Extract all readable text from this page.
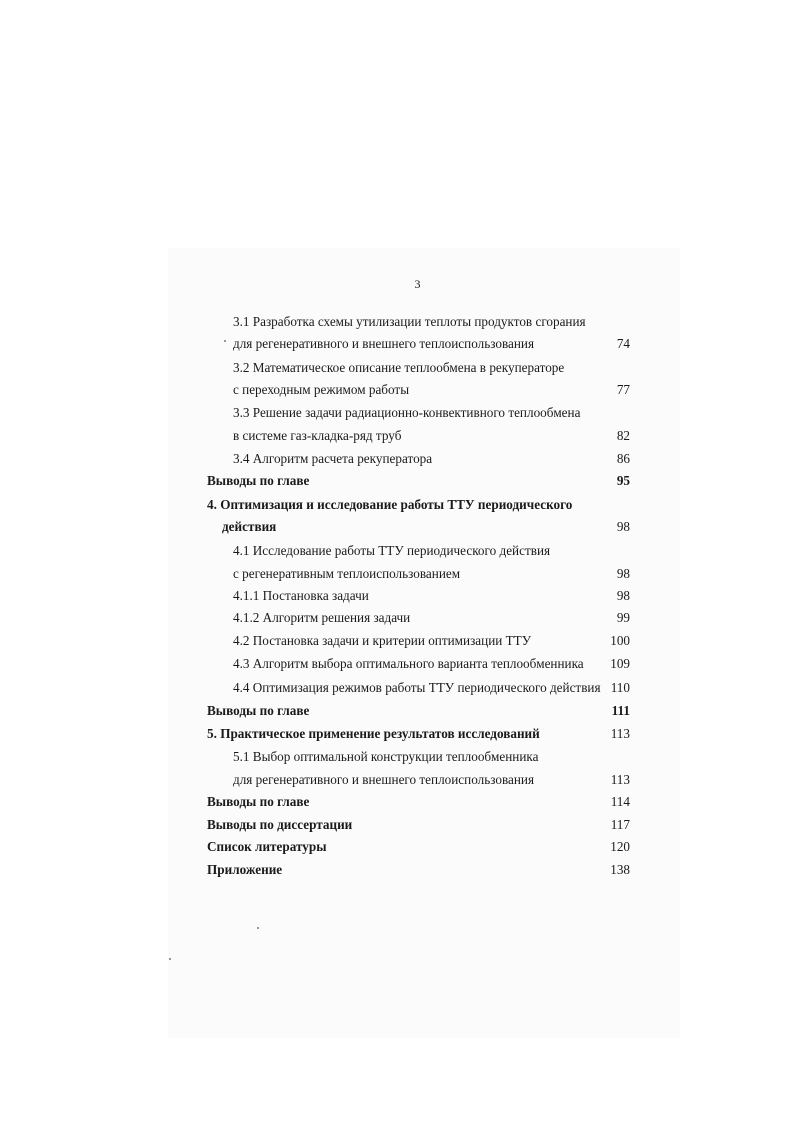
3
3.1 Разработка схемы утилизации теплоты продуктов сгорания
для регенеративного и внешнего теплоиспользования	74
3.2 Математическое описание теплообмена в рекуператоре
с переходным режимом работы	77
3.3 Решение задачи радиационно-конвективного теплообмена
в системе газ-кладка-ряд труб	82
3.4 Алгоритм расчета рекуператора	86
Выводы по главе	95
4. Оптимизация и исследование работы ТТУ периодического
действия	98
4.1 Исследование работы ТТУ периодического действия
с регенеративным теплоиспользованием	98
4.1.1 Постановка задачи	98
4.1.2 Алгоритм решения задачи	99
4.2 Постановка задачи и критерии оптимизации ТТУ	100
4.3 Алгоритм выбора оптимального варианта теплообменника	109
4.4 Оптимизация режимов работы ТТУ периодического действия 110
Выводы по главе	111
5. Практическое применение результатов исследований	113
5.1 Выбор оптимальной конструкции теплообменника
для регенеративного и внешнего теплоиспользования	113
Выводы по главе	114
Выводы по диссертации	117
Список литературы	120
Приложение	138
